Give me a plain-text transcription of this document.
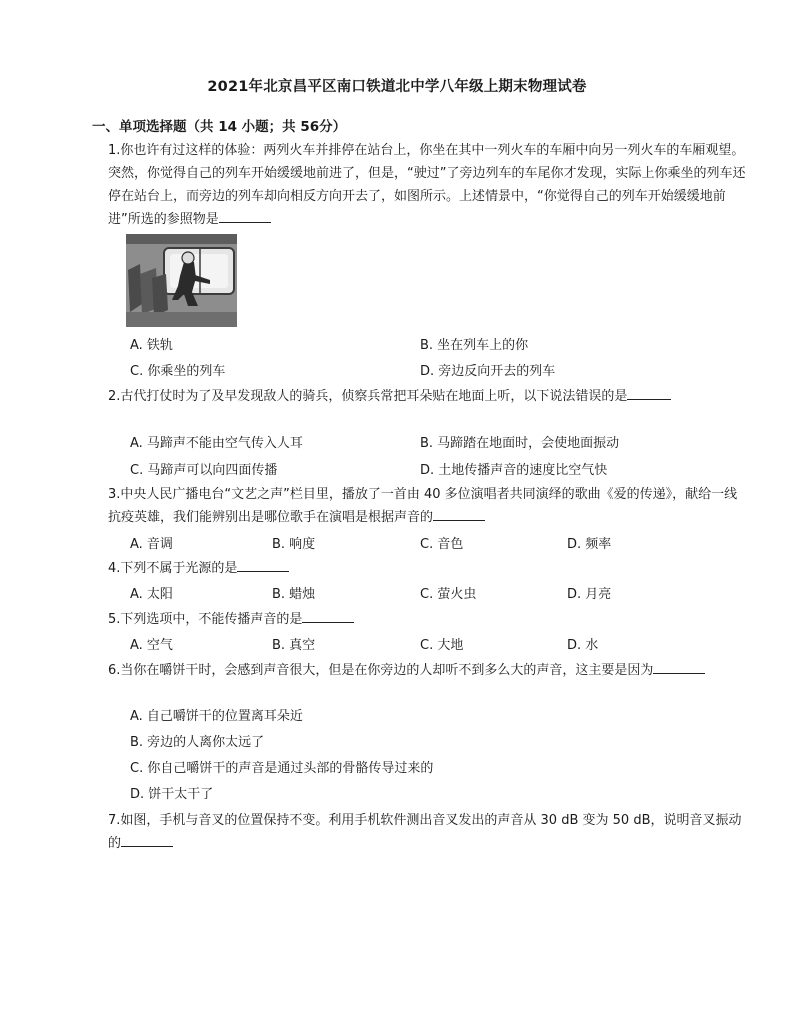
2021年北京昌平区南口铁道北中学八年级上期末物理试卷
一、单项选择题（共 14 小题；共 56分）
1.你也许有过这样的体验：两列火车并排停在站台上，你坐在其中一列火车的车厢中向另一列火车的车厢观望。突然，你觉得自己的列车开始缓缓地前进了，但是，“驶过”了旁边列车的车尾你才发现，实际上你乘坐的列车还停在站台上，而旁边的列车却向相反方向开去了，如图所示。上述情景中，“你觉得自己的列车开始缓缓地前进”所选的参照物是
A. 铁轨	B. 坐在列车上的你
C. 你乘坐的列车	D. 旁边反向开去的列车
2.古代打仗时为了及早发现敌人的骑兵，侦察兵常把耳朵贴在地面上听，以下说法错误的是
A. 马蹄声不能由空气传入人耳	B. 马蹄踏在地面时，会使地面振动
C. 马蹄声可以向四面传播	D. 土地传播声音的速度比空气快
3.中央人民广播电台“文艺之声”栏目里，播放了一首由 40 多位演唱者共同演绎的歌曲《爱的传递》，献给一线抗疫英雄，我们能辨别出是哪位歌手在演唱是根据声音的
A. 音调	B. 响度	C. 音色	D. 频率
4.下列不属于光源的是
A. 太阳	B. 蜡烛	C. 萤火虫	D. 月亮
5.下列选项中，不能传播声音的是
A. 空气	B. 真空	C. 大地	D. 水
6.当你在嚼饼干时，会感到声音很大，但是在你旁边的人却听不到多么大的声音，这主要是因为
A. 自己嚼饼干的位置离耳朵近
B. 旁边的人离你太远了
C. 你自己嚼饼干的声音是通过头部的骨骼传导过来的
D. 饼干太干了
7.如图，手机与音叉的位置保持不变。利用手机软件测出音叉发出的声音从 30 dB 变为 50 dB，说明音叉振动的
